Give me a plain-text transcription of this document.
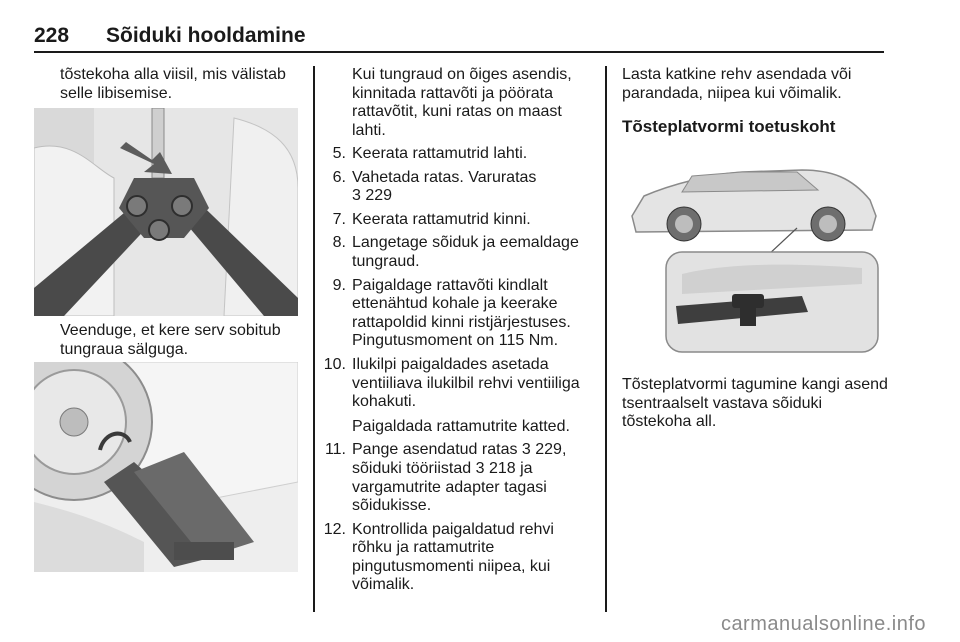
228 Sõiduki hooldamine
tõstekoha alla viisil, mis välistab selle libisemise.
Veenduge, et kere serv sobitub tungraua sälguga.
Kui tungraud on õiges asendis, kinnitada rattavõti ja pöörata rattavõtit, kuni ratas on maast lahti.
5. Keerata rattamutrid lahti.
6. Vahetada ratas. Varuratas
3 229
7. Keerata rattamutrid kinni.
8. Langetage sõiduk ja eemaldage tungraud.
9. Paigaldage rattavõti kindlalt ettenähtud kohale ja keerake rattapoldid kinni ristjärjestuses. Pingutusmoment on 115 Nm.
10. Ilukilpi paigaldades asetada ventiiliava ilukilbil rehvi ventiiliga kohakuti.
Paigaldada rattamutrite katted.
11. Pange asendatud ratas 3 229, sõiduki tööriistad 3 218 ja vargamutrite adapter tagasi sõidukisse.
12. Kontrollida paigaldatud rehvi rõhku ja rattamutrite pingutusmomenti niipea, kui võimalik.
Lasta katkine rehv asendada või parandada, niipea kui võimalik.
Tõsteplatvormi toetuskoht
Tõsteplatvormi tagumine kangi asend tsentraalselt vastava sõiduki tõstekoha all.
carmanualsonline.info
